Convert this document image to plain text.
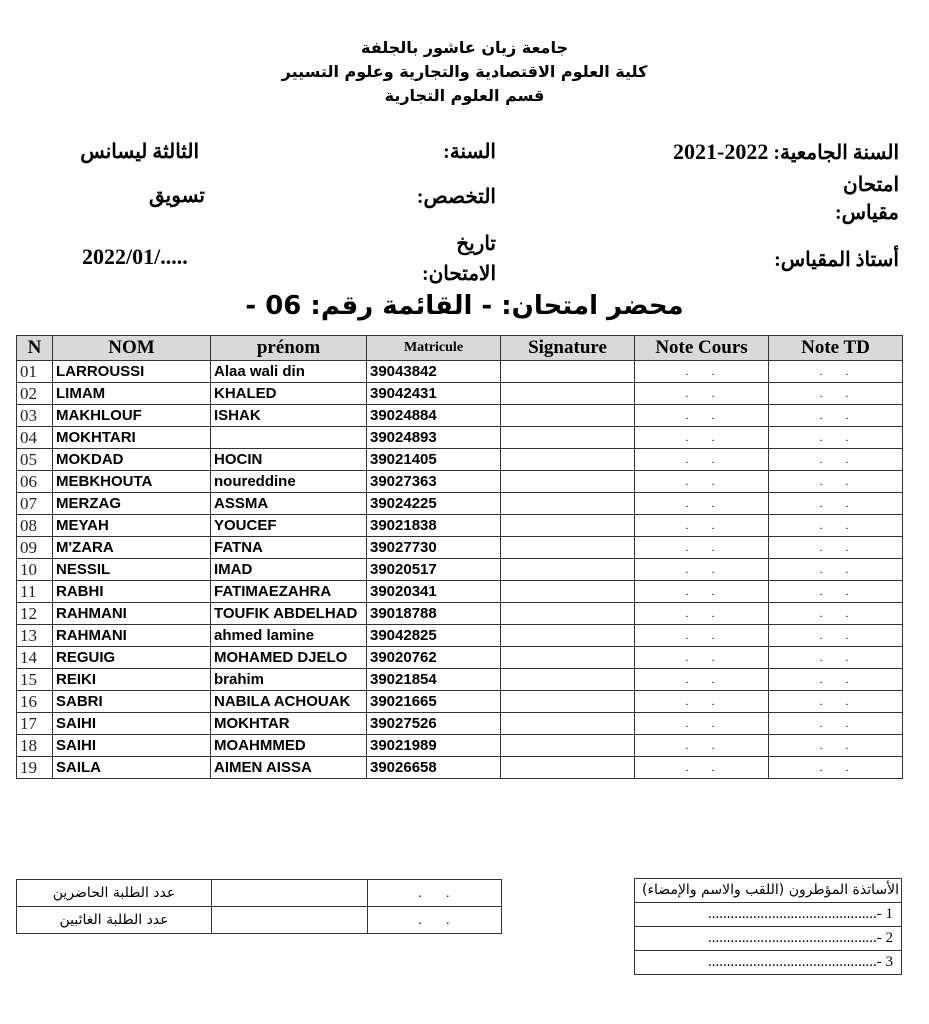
جامعة زيان عاشور بالجلفة
كلية العلوم الاقتصادية والتجارية وعلوم التسيير
قسم العلوم التجارية
السنة الجامعية: 2022-2021
السنة:
الثالثة ليسانس
امتحان
مقياس:
التخصص:
تسويق
أستاذ المقياس:
تاريخ
الامتحان:
2022/01/.....
محضر امتحان: - القائمة رقم: 06 -
N	NOM	prénom	Matricule	Signature	Note Cours	Note TD
01	LARROUSSI	Alaa wali din	39043842		. .	. .
02	LIMAM	KHALED	39042431		. .	. .
03	MAKHLOUF	ISHAK	39024884		. .	. .
04	MOKHTARI		39024893		. .	. .
05	MOKDAD	HOCIN	39021405		. .	. .
06	MEBKHOUTA	noureddine	39027363		. .	. .
07	MERZAG	ASSMA	39024225		. .	. .
08	MEYAH	YOUCEF	39021838		. .	. .
09	M'ZARA	FATNA	39027730		. .	. .
10	NESSIL	IMAD	39020517		. .	. .
11	RABHI	FATIMAEZAHRA	39020341		. .	. .
12	RAHMANI	TOUFIK ABDELHAD	39018788		. .	. .
13	RAHMANI	ahmed lamine	39042825		. .	. .
14	REGUIG	MOHAMED DJELO	39020762		. .	. .
15	REIKI	brahim	39021854		. .	. .
16	SABRI	NABILA ACHOUAK	39021665		. .	. .
17	SAIHI	MOKHTAR	39027526		. .	. .
18	SAIHI	MOAHMMED	39021989		. .	. .
19	SAILA	AIMEN AISSA	39026658		. .	. .
عدد الطلبة الحاضرين		. .
عدد الطلبة الغائبين		. .
الأساتذة المؤطرون (اللقب والاسم والإمضاء)
1 -.............................................
2 -.............................................
3 -.............................................
